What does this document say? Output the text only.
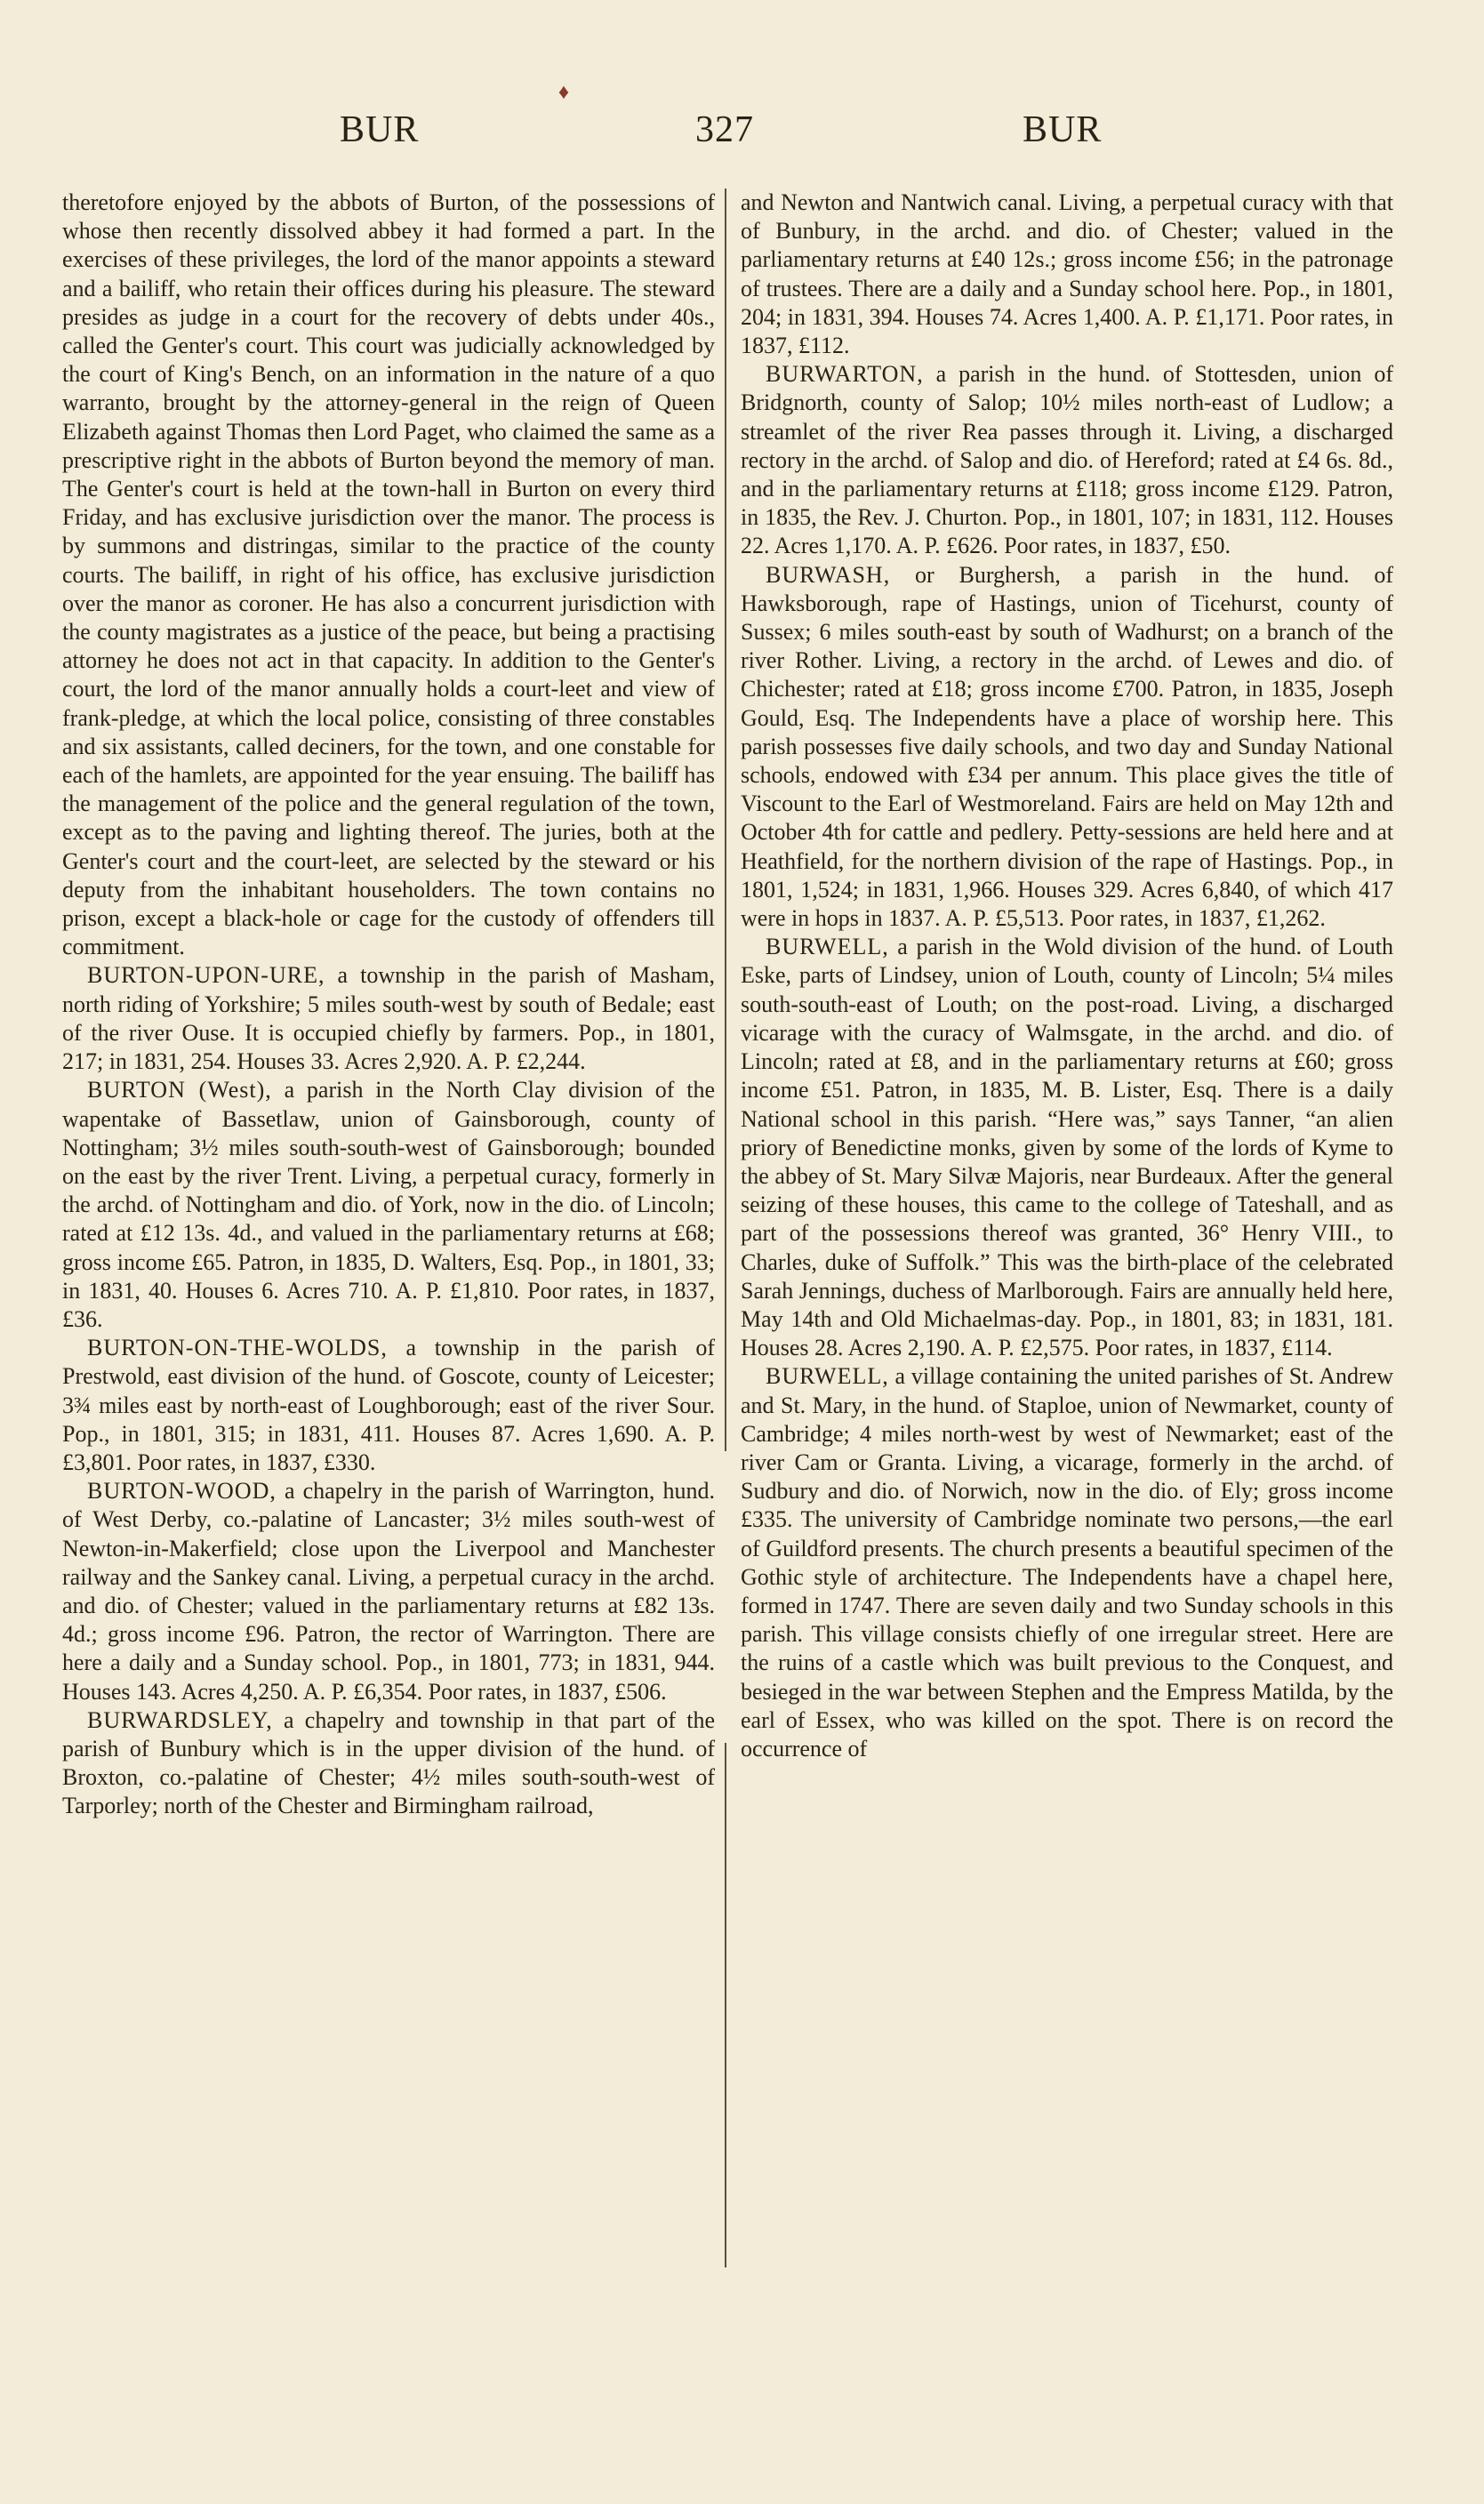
♦
BUR	327	BUR

theretofore enjoyed by the abbots of Burton, of the possessions of whose then recently dissolved abbey it had formed a part. In the exercises of these privileges, the lord of the manor appoints a steward and a bailiff, who retain their offices during his pleasure. The steward presides as judge in a court for the recovery of debts under 40s., called the Genter's court. This court was judicially acknowledged by the court of King's Bench, on an information in the nature of a quo warranto, brought by the attorney-general in the reign of Queen Elizabeth against Thomas then Lord Paget, who claimed the same as a prescriptive right in the abbots of Burton beyond the memory of man. The Genter's court is held at the town-hall in Burton on every third Friday, and has exclusive jurisdiction over the manor. The process is by summons and distringas, similar to the practice of the county courts. The bailiff, in right of his office, has exclusive jurisdiction over the manor as coroner. He has also a concurrent jurisdiction with the county magistrates as a justice of the peace, but being a practising attorney he does not act in that capacity. In addition to the Genter's court, the lord of the manor annually holds a court-leet and view of frank-pledge, at which the local police, consisting of three constables and six assistants, called deciners, for the town, and one constable for each of the hamlets, are appointed for the year ensuing. The bailiff has the management of the police and the general regulation of the town, except as to the paving and lighting thereof. The juries, both at the Genter's court and the court-leet, are selected by the steward or his deputy from the inhabitant householders. The town contains no prison, except a black-hole or cage for the custody of offenders till commitment.

BURTON-UPON-URE, a township in the parish of Masham, north riding of Yorkshire; 5 miles south-west by south of Bedale; east of the river Ouse. It is occupied chiefly by farmers. Pop., in 1801, 217; in 1831, 254. Houses 33. Acres 2,920. A. P. £2,244.

BURTON (West), a parish in the North Clay division of the wapentake of Bassetlaw, union of Gainsborough, county of Nottingham; 3½ miles south-south-west of Gainsborough; bounded on the east by the river Trent. Living, a perpetual curacy, formerly in the archd. of Nottingham and dio. of York, now in the dio. of Lincoln; rated at £12 13s. 4d., and valued in the parliamentary returns at £68; gross income £65. Patron, in 1835, D. Walters, Esq. Pop., in 1801, 33; in 1831, 40. Houses 6. Acres 710. A. P. £1,810. Poor rates, in 1837, £36.

BURTON-ON-THE-WOLDS, a township in the parish of Prestwold, east division of the hund. of Goscote, county of Leicester; 3¾ miles east by north-east of Loughborough; east of the river Sour. Pop., in 1801, 315; in 1831, 411. Houses 87. Acres 1,690. A. P. £3,801. Poor rates, in 1837, £330.

BURTON-WOOD, a chapelry in the parish of Warrington, hund. of West Derby, co.-palatine of Lancaster; 3½ miles south-west of Newton-in-Makerfield; close upon the Liverpool and Manchester railway and the Sankey canal. Living, a perpetual curacy in the archd. and dio. of Chester; valued in the parliamentary returns at £82 13s. 4d.; gross income £96. Patron, the rector of Warrington. There are here a daily and a Sunday school. Pop., in 1801, 773; in 1831, 944. Houses 143. Acres 4,250. A. P. £6,354. Poor rates, in 1837, £506.

BURWARDSLEY, a chapelry and township in that part of the parish of Bunbury which is in the upper division of the hund. of Broxton, co.-palatine of Chester; 4½ miles south-south-west of Tarporley; north of the Chester and Birmingham railroad,

and Newton and Nantwich canal. Living, a perpetual curacy with that of Bunbury, in the archd. and dio. of Chester; valued in the parliamentary returns at £40 12s.; gross income £56; in the patronage of trustees. There are a daily and a Sunday school here. Pop., in 1801, 204; in 1831, 394. Houses 74. Acres 1,400. A. P. £1,171. Poor rates, in 1837, £112.

BURWARTON, a parish in the hund. of Stottesden, union of Bridgnorth, county of Salop; 10½ miles north-east of Ludlow; a streamlet of the river Rea passes through it. Living, a discharged rectory in the archd. of Salop and dio. of Hereford; rated at £4 6s. 8d., and in the parliamentary returns at £118; gross income £129. Patron, in 1835, the Rev. J. Churton. Pop., in 1801, 107; in 1831, 112. Houses 22. Acres 1,170. A. P. £626. Poor rates, in 1837, £50.

BURWASH, or Burghersh, a parish in the hund. of Hawksborough, rape of Hastings, union of Ticehurst, county of Sussex; 6 miles south-east by south of Wadhurst; on a branch of the river Rother. Living, a rectory in the archd. of Lewes and dio. of Chichester; rated at £18; gross income £700. Patron, in 1835, Joseph Gould, Esq. The Independents have a place of worship here. This parish possesses five daily schools, and two day and Sunday National schools, endowed with £34 per annum. This place gives the title of Viscount to the Earl of Westmoreland. Fairs are held on May 12th and October 4th for cattle and pedlery. Petty-sessions are held here and at Heathfield, for the northern division of the rape of Hastings. Pop., in 1801, 1,524; in 1831, 1,966. Houses 329. Acres 6,840, of which 417 were in hops in 1837. A. P. £5,513. Poor rates, in 1837, £1,262.

BURWELL, a parish in the Wold division of the hund. of Louth Eske, parts of Lindsey, union of Louth, county of Lincoln; 5¼ miles south-south-east of Louth; on the post-road. Living, a discharged vicarage with the curacy of Walmsgate, in the archd. and dio. of Lincoln; rated at £8, and in the parliamentary returns at £60; gross income £51. Patron, in 1835, M. B. Lister, Esq. There is a daily National school in this parish. “Here was,” says Tanner, “an alien priory of Benedictine monks, given by some of the lords of Kyme to the abbey of St. Mary Silvæ Majoris, near Burdeaux. After the general seizing of these houses, this came to the college of Tateshall, and as part of the possessions thereof was granted, 36° Henry VIII., to Charles, duke of Suffolk.” This was the birth-place of the celebrated Sarah Jennings, duchess of Marlborough. Fairs are annually held here, May 14th and Old Michaelmas-day. Pop., in 1801, 83; in 1831, 181. Houses 28. Acres 2,190. A. P. £2,575. Poor rates, in 1837, £114.

BURWELL, a village containing the united parishes of St. Andrew and St. Mary, in the hund. of Staploe, union of Newmarket, county of Cambridge; 4 miles north-west by west of Newmarket; east of the river Cam or Granta. Living, a vicarage, formerly in the archd. of Sudbury and dio. of Norwich, now in the dio. of Ely; gross income £335. The university of Cambridge nominate two persons,—the earl of Guildford presents. The church presents a beautiful specimen of the Gothic style of architecture. The Independents have a chapel here, formed in 1747. There are seven daily and two Sunday schools in this parish. This village consists chiefly of one irregular street. Here are the ruins of a castle which was built previous to the Conquest, and besieged in the war between Stephen and the Empress Matilda, by the earl of Essex, who was killed on the spot. There is on record the occurrence of
